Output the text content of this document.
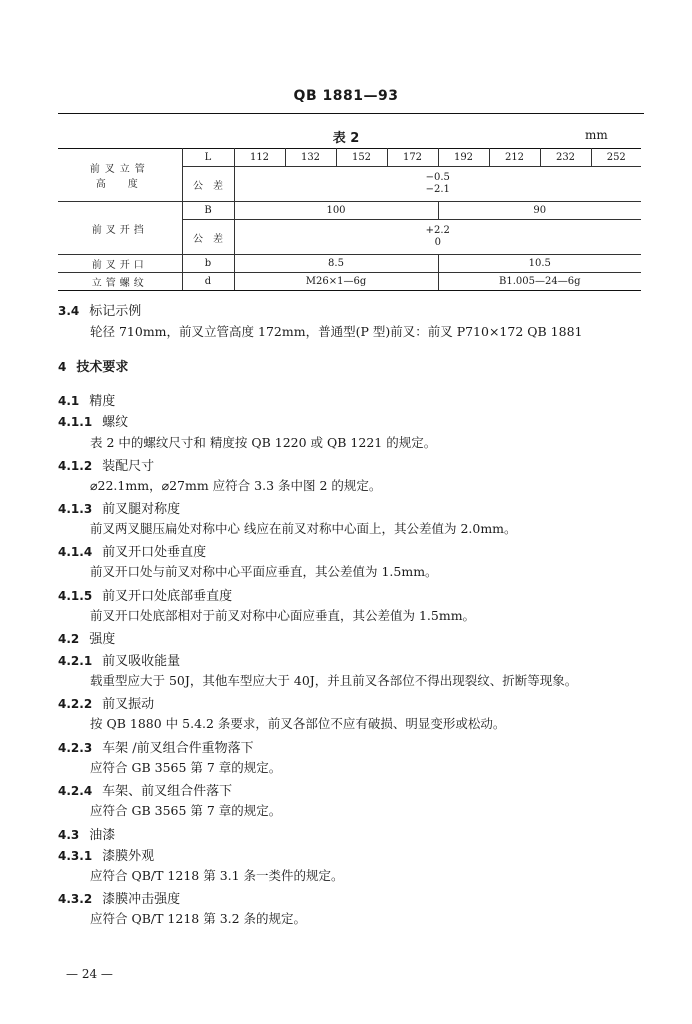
QB 1881—93
表 2	mm
前叉立管
高　度	L	112	132	152	172	192	212	232	252
	公　差	−0.5
−2.1							

前叉开挡	B	100				90			
	公　差	+2.2
0							

前叉开口	b	8.5				10.5			
立管螺纹	d	M26×1—6g				B1.005—24—6g			
3.4 标记示例
轮径 710mm，前叉立管高度 172mm，普通型(P 型)前叉：前叉 P710×172 QB 1881
4 技术要求
4.1 精度
4.1.1 螺纹
表 2 中的螺纹尺寸和 精度按 QB 1220 或 QB 1221 的规定。
4.1.2 装配尺寸
⌀22.1mm，⌀27mm 应符合 3.3 条中图 2 的规定。
4.1.3 前叉腿对称度
前叉两叉腿压扁处对称中心 线应在前叉对称中心面上，其公差值为 2.0mm。
4.1.4 前叉开口处垂直度
前叉开口处与前叉对称中心平面应垂直，其公差值为 1.5mm。
4.1.5 前叉开口处底部垂直度
前叉开口处底部相对于前叉对称中心面应垂直，其公差值为 1.5mm。
4.2 强度
4.2.1 前叉吸收能量
载重型应大于 50J，其他车型应大于 40J，并且前叉各部位不得出现裂纹、折断等现象。
4.2.2 前叉振动
按 QB 1880 中 5.4.2 条要求，前叉各部位不应有破损、明显变形或松动。
4.2.3 车架 /前叉组合件重物落下
应符合 GB 3565 第 7 章的规定。
4.2.4 车架、前叉组合件落下
应符合 GB 3565 第 7 章的规定。
4.3 油漆
4.3.1 漆膜外观
应符合 QB/T 1218 第 3.1 条一类件的规定。
4.3.2 漆膜冲击强度
应符合 QB/T 1218 第 3.2 条的规定。
— 24 —
